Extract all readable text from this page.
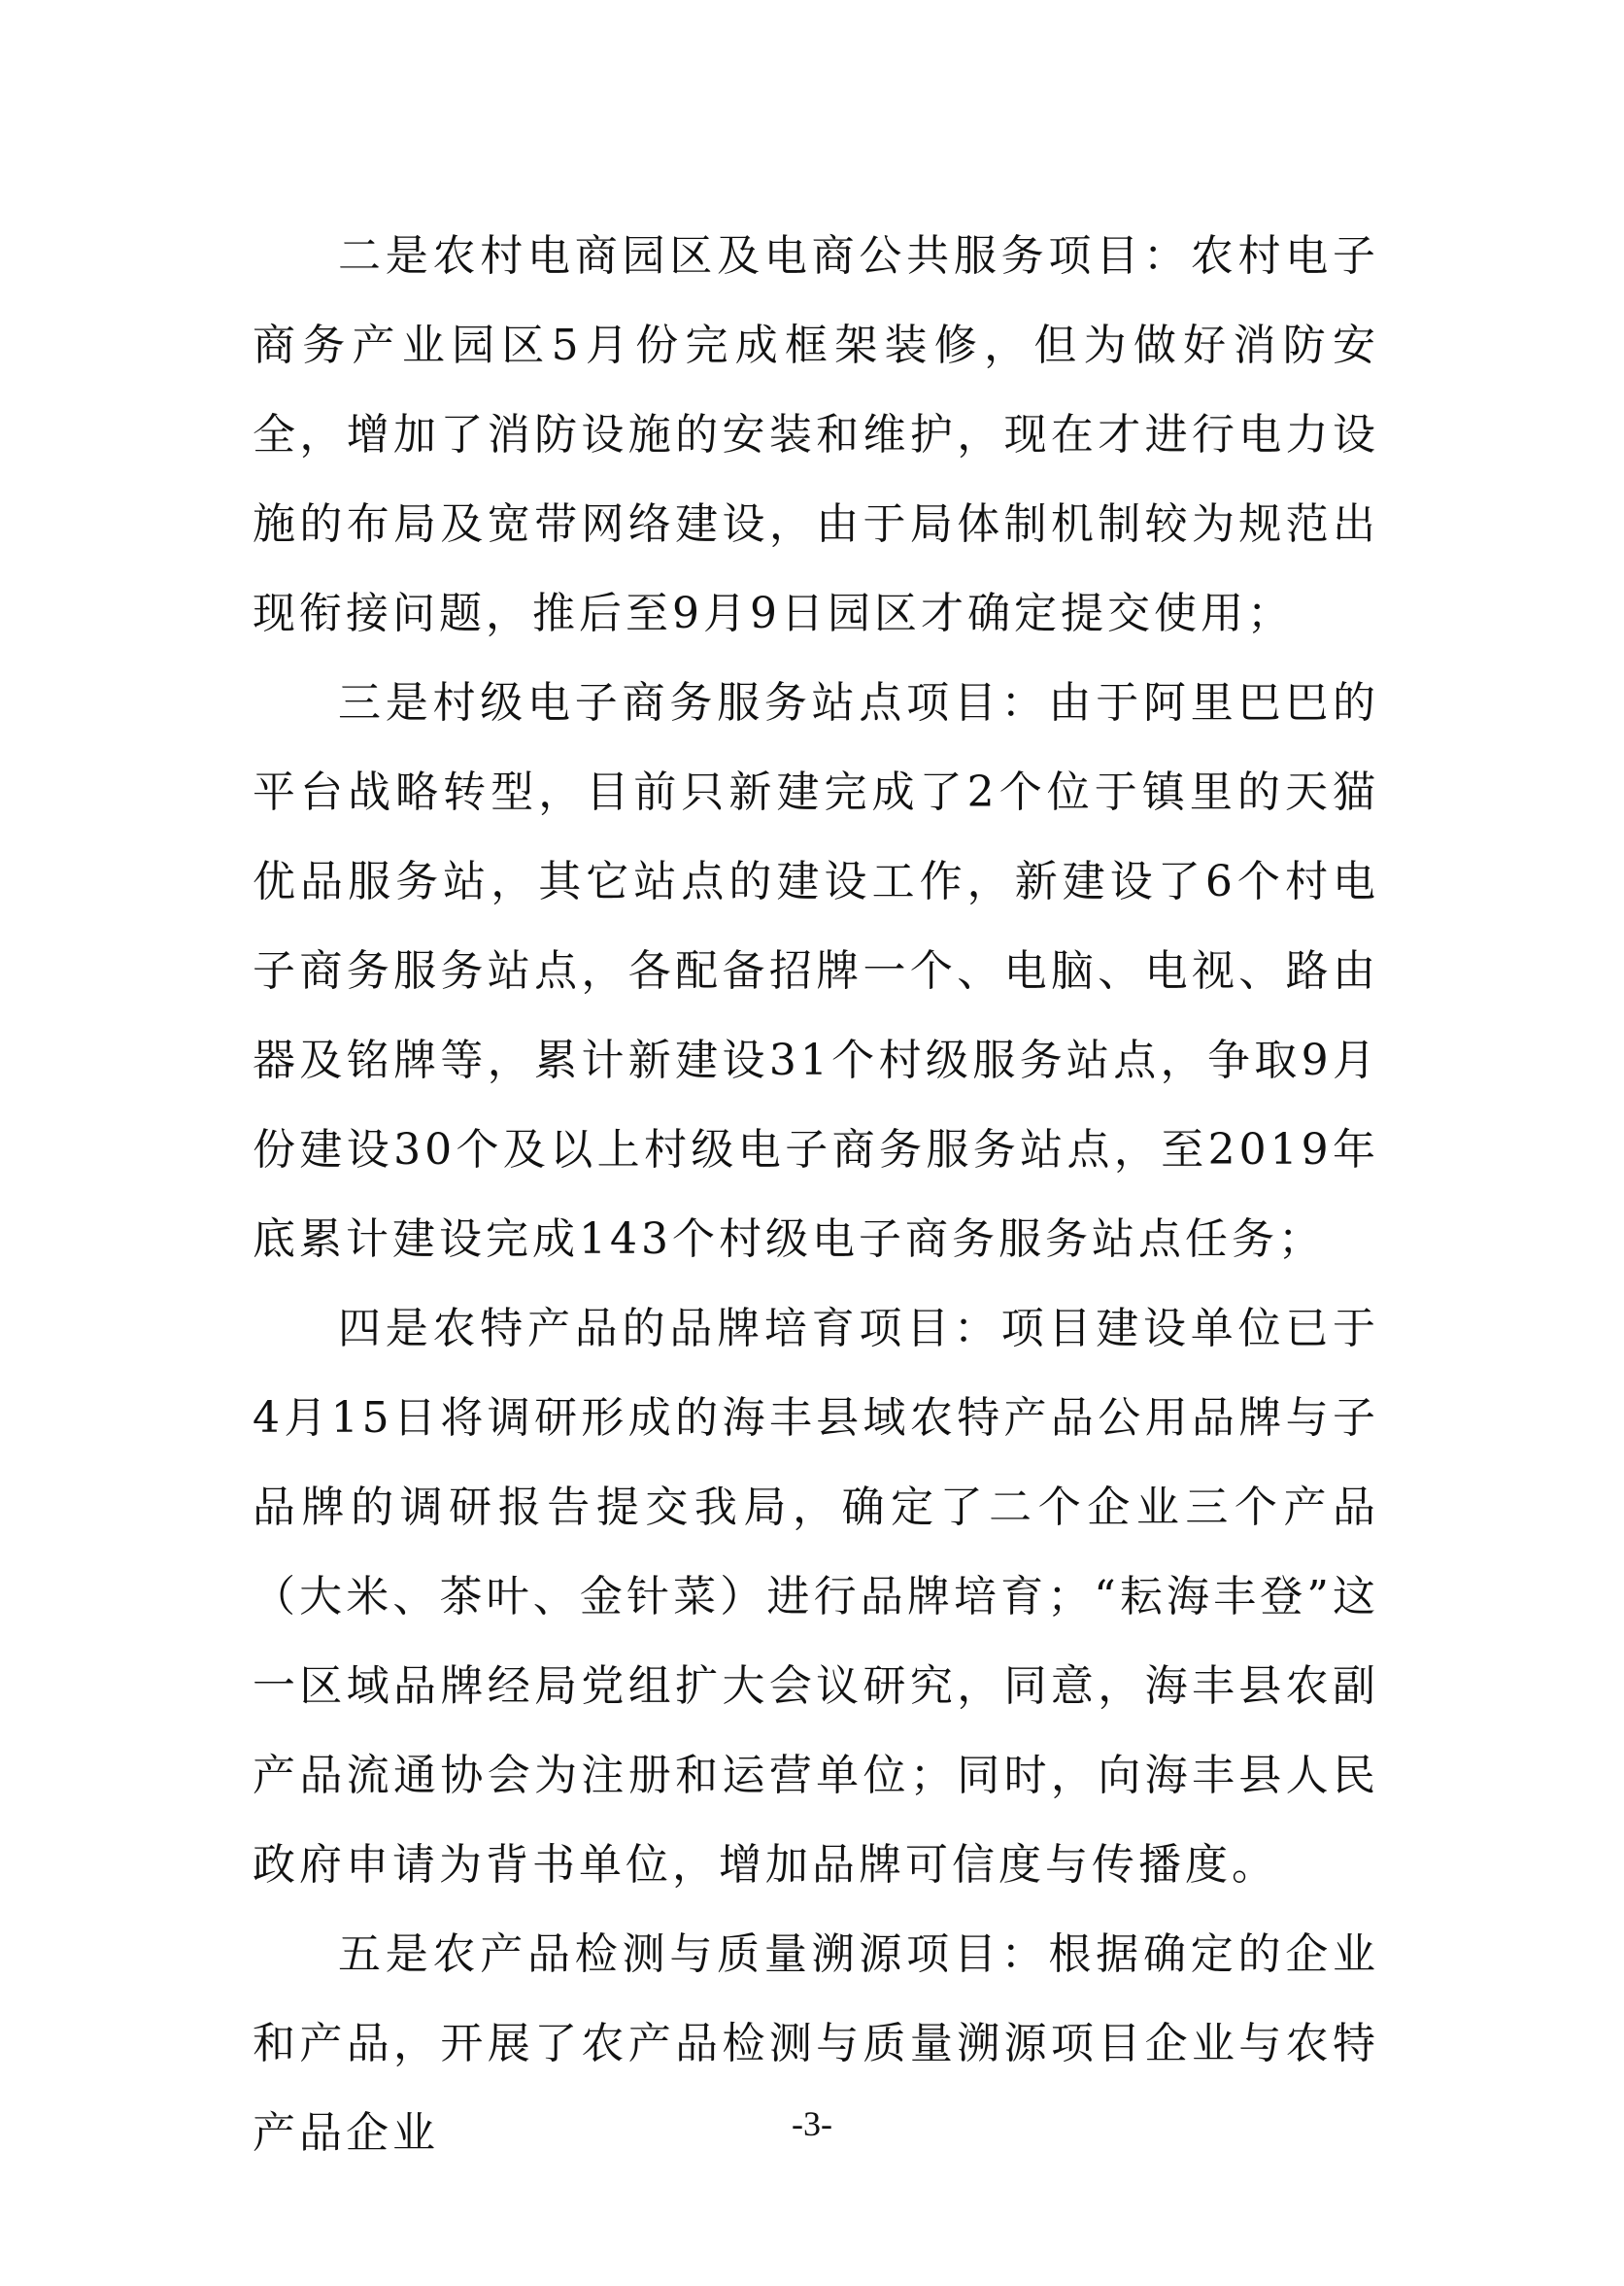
二是农村电商园区及电商公共服务项目：农村电子商务产业园区5月份完成框架装修，但为做好消防安全，增加了消防设施的安装和维护，现在才进行电力设施的布局及宽带网络建设，由于局体制机制较为规范出现衔接问题，推后至9月9日园区才确定提交使用；

三是村级电子商务服务站点项目：由于阿里巴巴的平台战略转型，目前只新建完成了2个位于镇里的天猫优品服务站，其它站点的建设工作，新建设了6个村电子商务服务站点，各配备招牌一个、电脑、电视、路由器及铭牌等，累计新建设31个村级服务站点，争取9月份建设30个及以上村级电子商务服务站点，至2019年底累计建设完成143个村级电子商务服务站点任务；

四是农特产品的品牌培育项目：项目建设单位已于4月15日将调研形成的海丰县域农特产品公用品牌与子品牌的调研报告提交我局，确定了二个企业三个产品（大米、茶叶、金针菜）进行品牌培育；“耘海丰登”这一区域品牌经局党组扩大会议研究，同意，海丰县农副产品流通协会为注册和运营单位；同时，向海丰县人民政府申请为背书单位，增加品牌可信度与传播度。

五是农产品检测与质量溯源项目：根据确定的企业和产品，开展了农产品检测与质量溯源项目企业与农特产品企业	-3-
